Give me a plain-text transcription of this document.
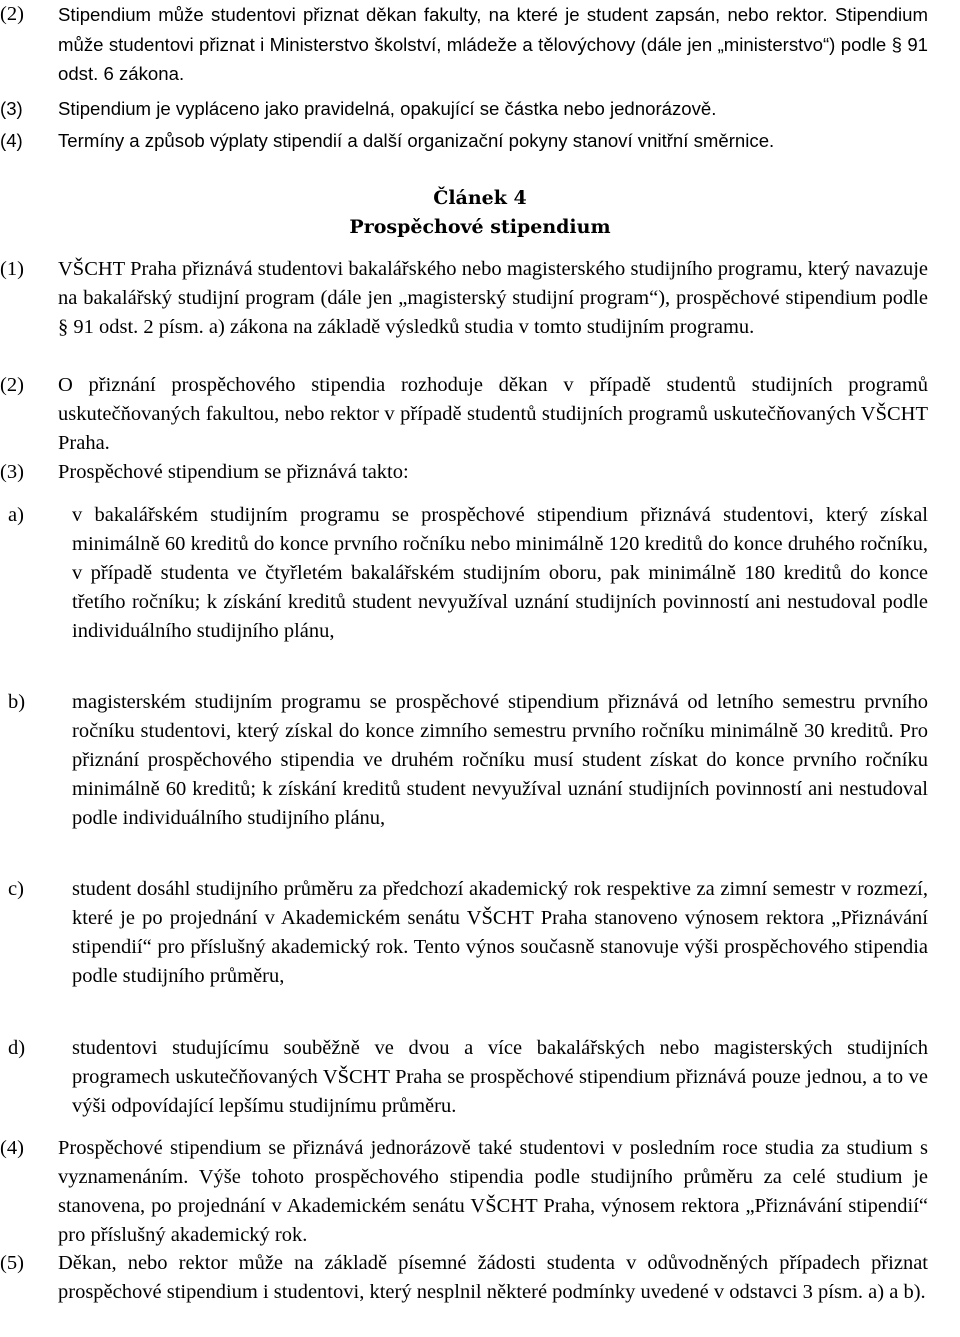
(2)	Stipendium může studentovi přiznat děkan fakulty, na které je student zapsán, nebo rektor. Stipendium může studentovi přiznat i Ministerstvo školství, mládeže a tělovýchovy (dále jen „ministerstvo“) podle § 91 odst. 6 zákona.
(3)	Stipendium je vypláceno jako pravidelná, opakující se částka nebo jednorázově.
(4)	Termíny a způsob výplaty stipendií a další organizační pokyny stanoví vnitřní směrnice.
Článek 4
Prospěchové stipendium
(1)	VŠCHT Praha přiznává studentovi bakalářského nebo magisterského studijního programu, který navazuje na bakalářský studijní program (dále jen „magisterský studijní program“), prospěchové stipendium podle § 91 odst. 2 písm. a) zákona na základě výsledků studia v tomto studijním programu.
(2)	O přiznání prospěchového stipendia rozhoduje děkan v případě studentů studijních programů uskutečňovaných fakultou, nebo rektor v případě studentů studijních programů uskutečňovaných VŠCHT Praha.
(3)	Prospěchové stipendium se přiznává takto:
a)	v bakalářském studijním programu se prospěchové stipendium přiznává studentovi, který získal minimálně 60 kreditů do konce prvního ročníku nebo minimálně 120 kreditů do konce druhého ročníku, v případě studenta ve čtyřletém bakalářském studijním oboru, pak minimálně 180 kreditů do konce třetího ročníku; k získání kreditů student nevyužíval uznání studijních povinností ani nestudoval podle individuálního studijního plánu,
b)	magisterském studijním programu se prospěchové stipendium přiznává od letního semestru prvního ročníku studentovi, který získal do konce zimního semestru prvního ročníku minimálně 30 kreditů. Pro přiznání prospěchového stipendia ve druhém ročníku musí student získat do konce prvního ročníku minimálně 60 kreditů; k získání kreditů student nevyužíval uznání studijních povinností ani nestudoval podle individuálního studijního plánu,
c)	student dosáhl studijního průměru za předchozí akademický rok respektive za zimní semestr v rozmezí, které je po projednání v Akademickém senátu VŠCHT Praha stanoveno výnosem rektora „Přiznávání stipendií“ pro příslušný akademický rok. Tento výnos současně stanovuje výši prospěchového stipendia podle studijního průměru,
d)	studentovi studujícímu souběžně ve dvou a více bakalářských nebo magisterských studijních programech uskutečňovaných VŠCHT Praha se prospěchové stipendium přiznává pouze jednou, a to ve výši odpovídající lepšímu studijnímu průměru.
(4)	Prospěchové stipendium se přiznává jednorázově také studentovi v posledním roce studia za studium s vyznamenáním. Výše tohoto prospěchového stipendia podle studijního průměru za celé studium je stanovena, po projednání v Akademickém senátu VŠCHT Praha, výnosem rektora „Přiznávání stipendií“ pro příslušný akademický rok.
(5)	Děkan, nebo rektor může na základě písemné žádosti studenta v odůvodněných případech přiznat prospěchové stipendium i studentovi, který nesplnil některé podmínky uvedené v odstavci 3 písm. a) a b).
